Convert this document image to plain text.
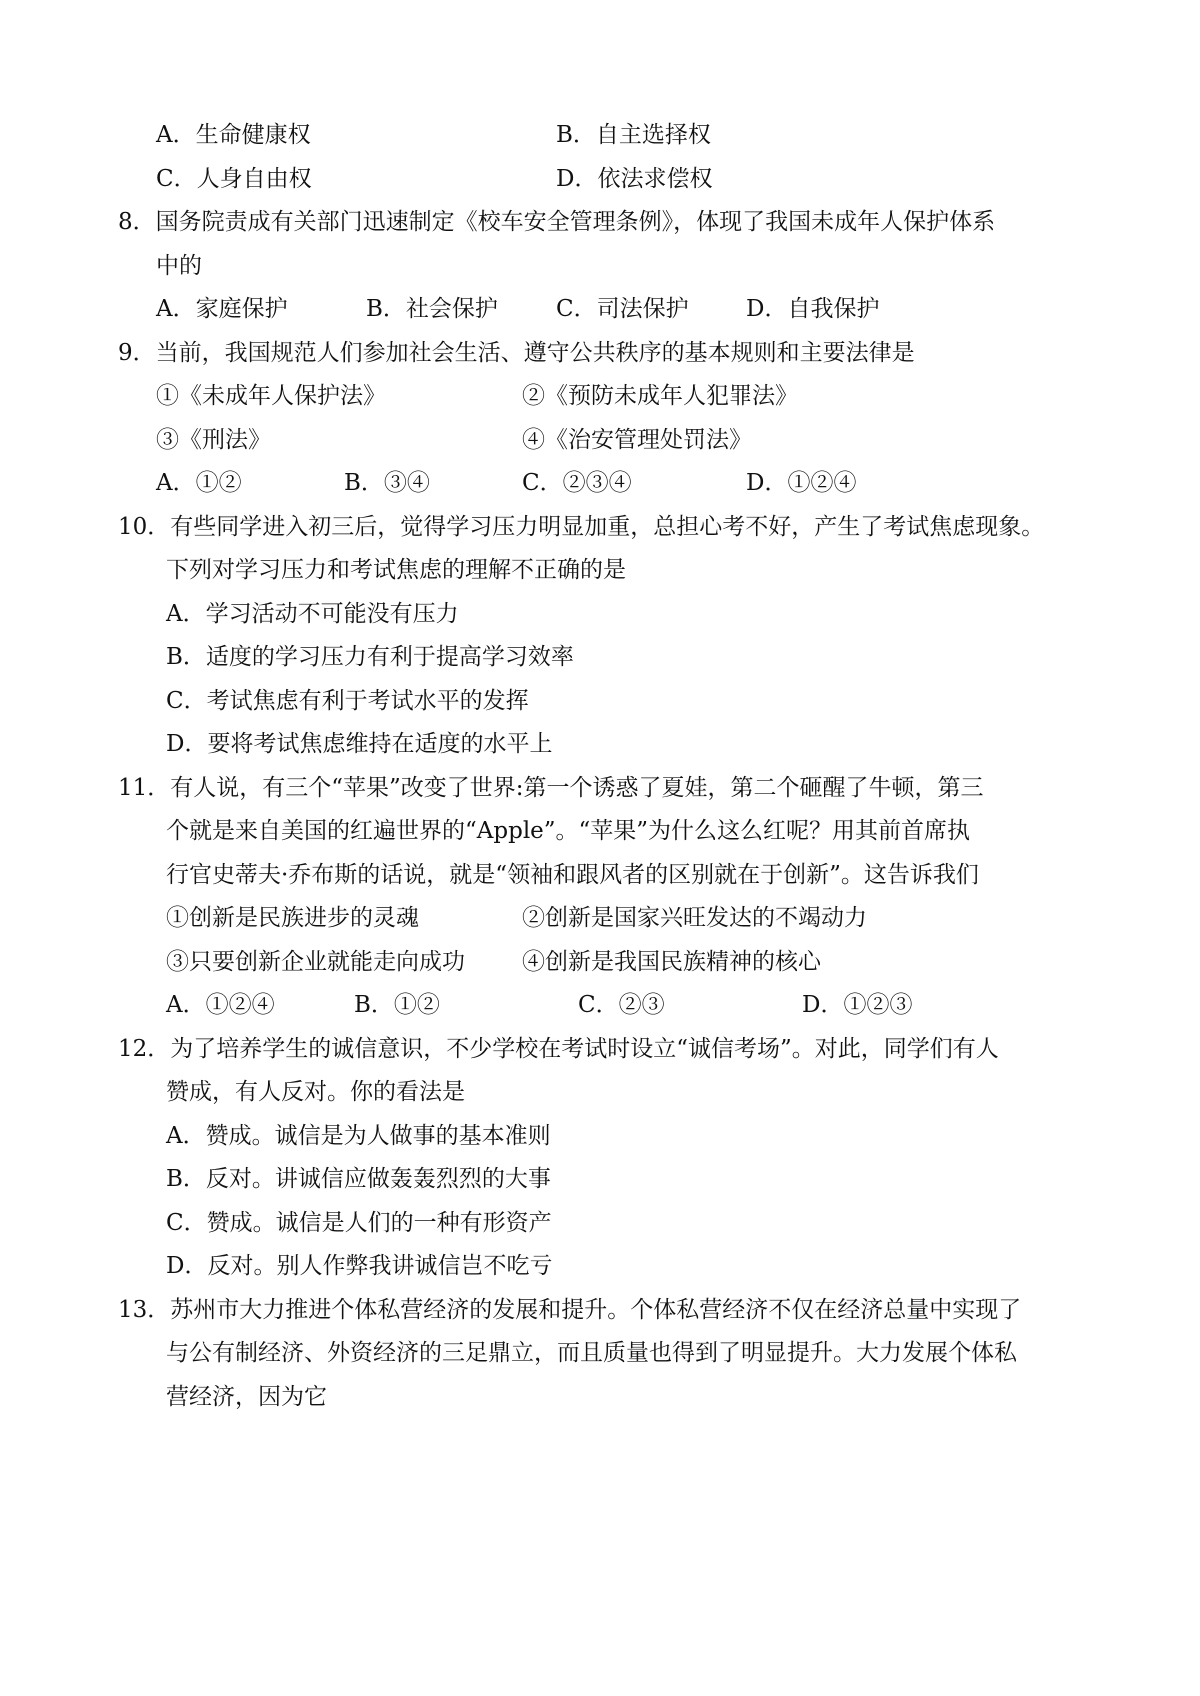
A．生命健康权	B．自主选择权
C．人身自由权	D．依法求偿权
8．国务院责成有关部门迅速制定《校车安全管理条例》，体现了我国未成年人保护体系
中的
A．家庭保护	B．社会保护	C．司法保护 D．自我保护
9．当前，我国规范人们参加社会生活、遵守公共秩序的基本规则和主要法律是
①《未成年人保护法》	②《预防未成年人犯罪法》
③《刑法》	④《治安管理处罚法》
A．①②	B．③④	C．②③④	D．①②④
10．有些同学进入初三后，觉得学习压力明显加重，总担心考不好，产生了考试焦虑现象。
下列对学习压力和考试焦虑的理解不正确的是
A．学习活动不可能没有压力
B．适度的学习压力有利于提高学习效率
C．考试焦虑有利于考试水平的发挥
D．要将考试焦虑维持在适度的水平上
11．有人说，有三个“苹果”改变了世界:第一个诱惑了夏娃，第二个砸醒了牛顿，第三
个就是来自美国的红遍世界的“Apple”。“苹果”为什么这么红呢？用其前首席执
行官史蒂夫·乔布斯的话说，就是“领袖和跟风者的区别就在于创新”。这告诉我们
①创新是民族进步的灵魂	②创新是国家兴旺发达的不竭动力
③只要创新企业就能走向成功 ④创新是我国民族精神的核心
A．①②④	B．①②	C．②③	D．①②③
12．为了培养学生的诚信意识，不少学校在考试时设立“诚信考场”。对此，同学们有人
赞成，有人反对。你的看法是
A．赞成。诚信是为人做事的基本准则
B．反对。讲诚信应做轰轰烈烈的大事
C．赞成。诚信是人们的一种有形资产
D．反对。别人作弊我讲诚信岂不吃亏
13．苏州市大力推进个体私营经济的发展和提升。个体私营经济不仅在经济总量中实现了
与公有制经济、外资经济的三足鼎立，而且质量也得到了明显提升。大力发展个体私
营经济，因为它
